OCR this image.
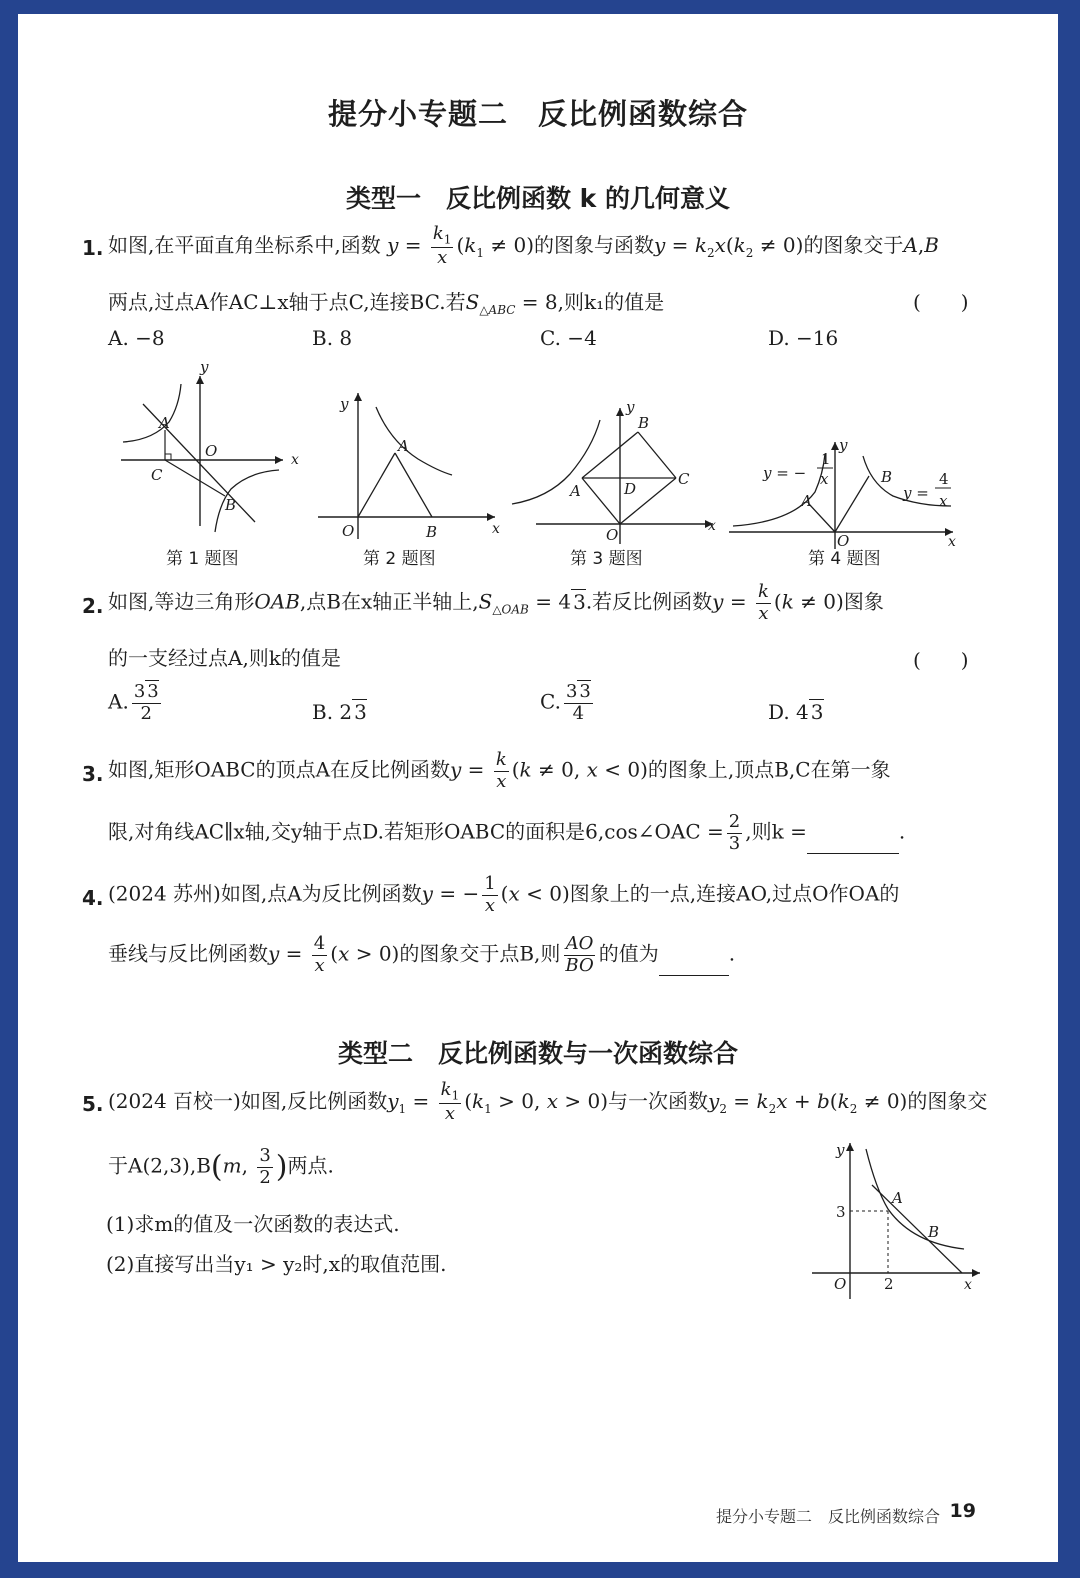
提分小专题二　反比例函数综合
类型一　反比例函数 k 的几何意义
1. 如图,在平面直角坐标系中,函数 $y = \frac{k_1}{x} (k_1 \ne 0)$的图象与函数$y = k_2x(k_2 \ne 0)$的图象交于A,B
两点,过点A作AC⊥x轴于点C,连接BC.若$S_{\triangle ABC} = 8$,则k₁的值是	(　　)
A. −8	B. 8	C. −4	D. −16
A
y
x
O
C
B
A
y
x
O	B
y
B
C
D
A
O	x
y = −
1
x
y
B
A	y =
4
x
O	x
第 1 题图	第 2 题图	第 3 题图	第 4 题图
2. 如图,等边三角形OAB,点B在x轴正半轴上$,S_{\triangle OAB} = 4$ 3.若反比例函数$y = \frac{k}{x} (k \ne 0)$图象
的一支经过点A,则k的值是	(　　)
A. $\frac{3 3}{2}$	B. 2 3	C. $\frac{3 3}{4}$	D. 4 3
3. 如图,矩形OABC的顶点A在反比例函数$y = \frac{k}{x} (k \ne 0$, x < 0)的图象上,顶点B,C在第一象
限,对角线AC∥x轴,交y轴于点D.若矩形OABC的面积是6,cos∠OAC = $\frac{2}{3}$ ,则k =	.
4. (2024 苏州)如图,点A为反比例函数y = − $\frac{1}{x} (x < 0)$图象上的一点,连接AO,过点O作OA的
垂线与反比例函数$y = \frac{4}{x} (x > 0)$的图象交于点B,则 $\frac{AO}{BO}$ 的值为	.
类型二　反比例函数与一次函数综合
5. (2024 百校一)如图,反比例函数$y_1 = \frac{k_1}{x} (k_1 > 0$, x > 0)与一次函数$y_2 = k_2x + b(k_2 \ne 0)$的图象交
于A(2,3),B(m, $\frac{3}{2}$ )两点.
(1)求m的值及一次函数的表达式.
(2)直接写出当y₁ > y₂时,x的取值范围.
y
A
B
3
2
O	x
提分小专题二　反比例函数综合 19
